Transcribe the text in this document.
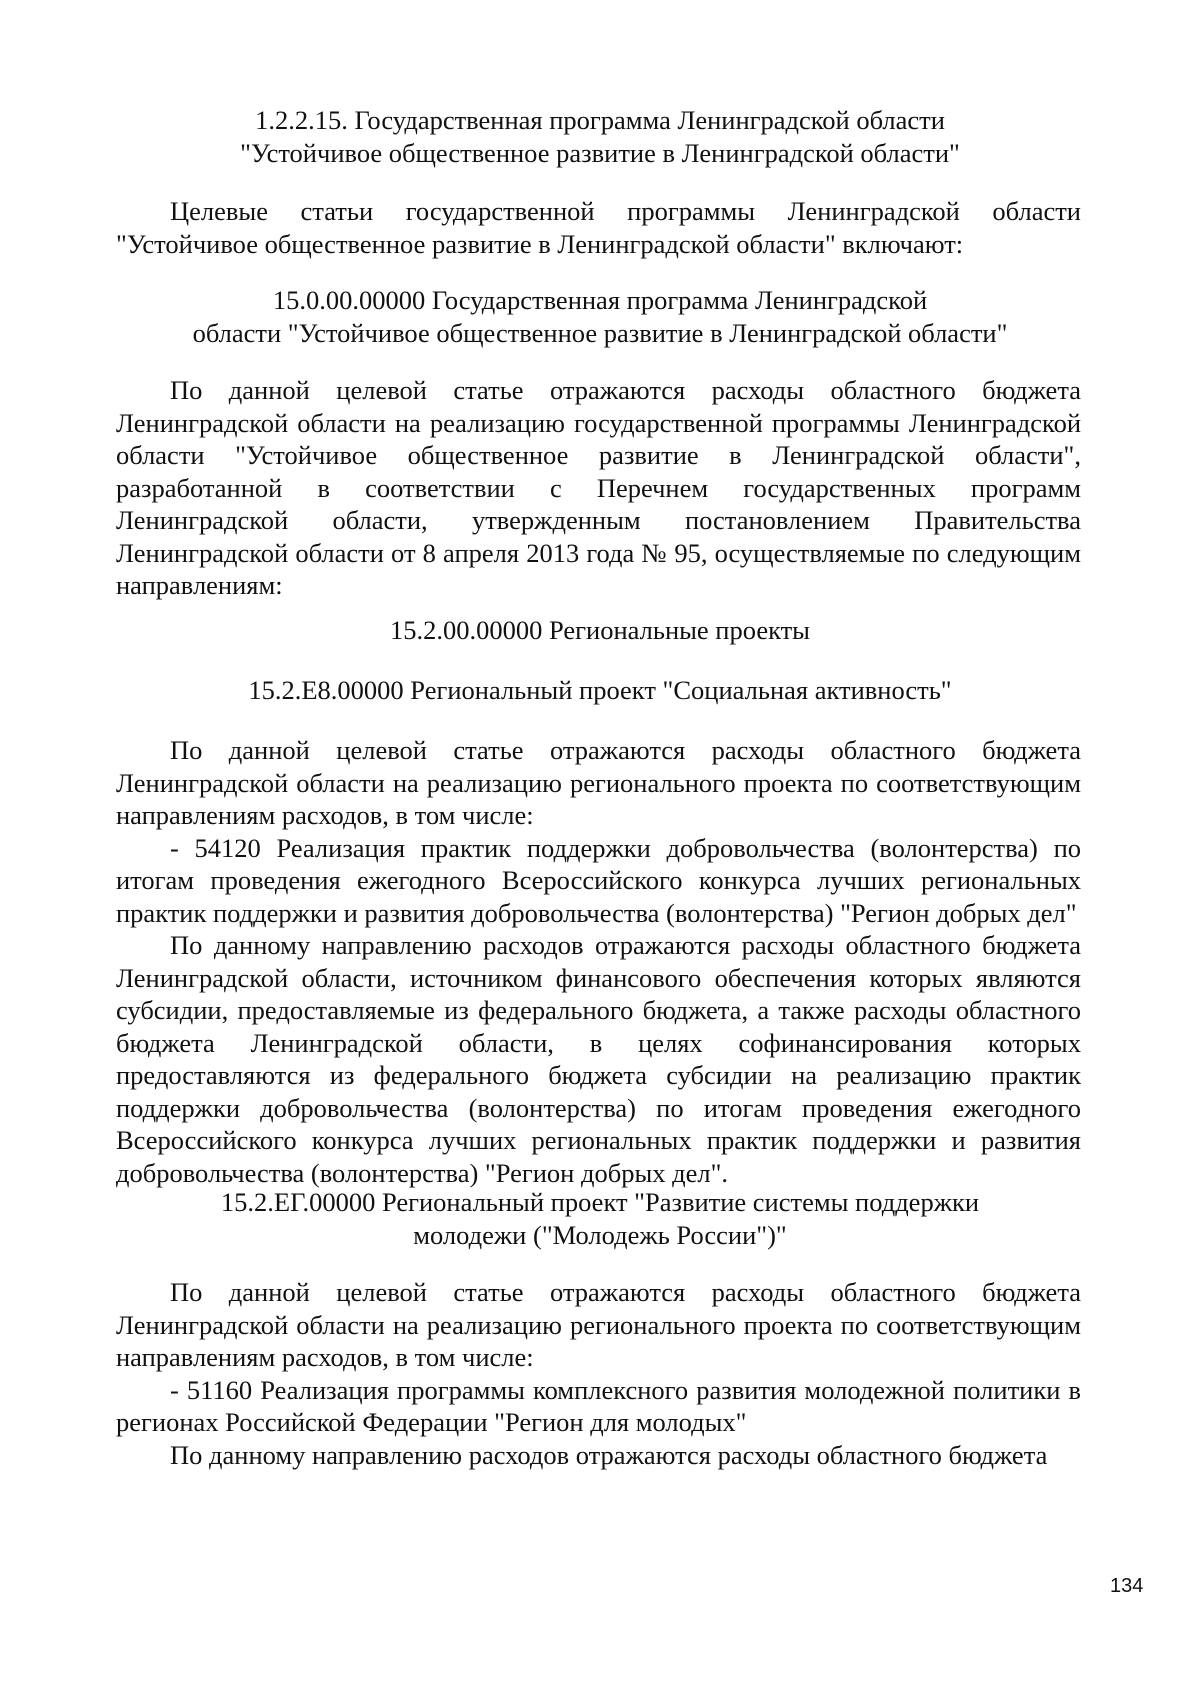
1.2.2.15. Государственная программа Ленинградской области
"Устойчивое общественное развитие в Ленинградской области"

Целевые статьи государственной программы Ленинградской области "Устойчивое общественное развитие в Ленинградской области" включают:

15.0.00.00000 Государственная программа Ленинградской
области "Устойчивое общественное развитие в Ленинградской области"

По данной целевой статье отражаются расходы областного бюджета Ленинградской области на реализацию государственной программы Ленинградской области "Устойчивое общественное развитие в Ленинградской области", разработанной в соответствии с Перечнем государственных программ Ленинградской области, утвержденным постановлением Правительства Ленинградской области от 8 апреля 2013 года № 95, осуществляемые по следующим направлениям:

15.2.00.00000 Региональные проекты
15.2.Е8.00000 Региональный проект "Социальная активность"

По данной целевой статье отражаются расходы областного бюджета Ленинградской области на реализацию регионального проекта по соответствующим направлениям расходов, в том числе:

- 54120 Реализация практик поддержки добровольчества (волонтерства) по итогам проведения ежегодного Всероссийского конкурса лучших региональных практик поддержки и развития добровольчества (волонтерства) "Регион добрых дел"

По данному направлению расходов отражаются расходы областного бюджета Ленинградской области, источником финансового обеспечения которых являются субсидии, предоставляемые из федерального бюджета, а также расходы областного бюджета Ленинградской области, в целях софинансирования которых предоставляются из федерального бюджета субсидии на реализацию практик поддержки добровольчества (волонтерства) по итогам проведения ежегодного Всероссийского конкурса лучших региональных практик поддержки и развития добровольчества (волонтерства) "Регион добрых дел".

15.2.ЕГ.00000 Региональный проект "Развитие системы поддержки
молодежи ("Молодежь России")"

По данной целевой статье отражаются расходы областного бюджета Ленинградской области на реализацию регионального проекта по соответствующим направлениям расходов, в том числе:

- 51160 Реализация программы комплексного развития молодежной политики в регионах Российской Федерации "Регион для молодых"

По данному направлению расходов отражаются расходы областного бюджета

134
